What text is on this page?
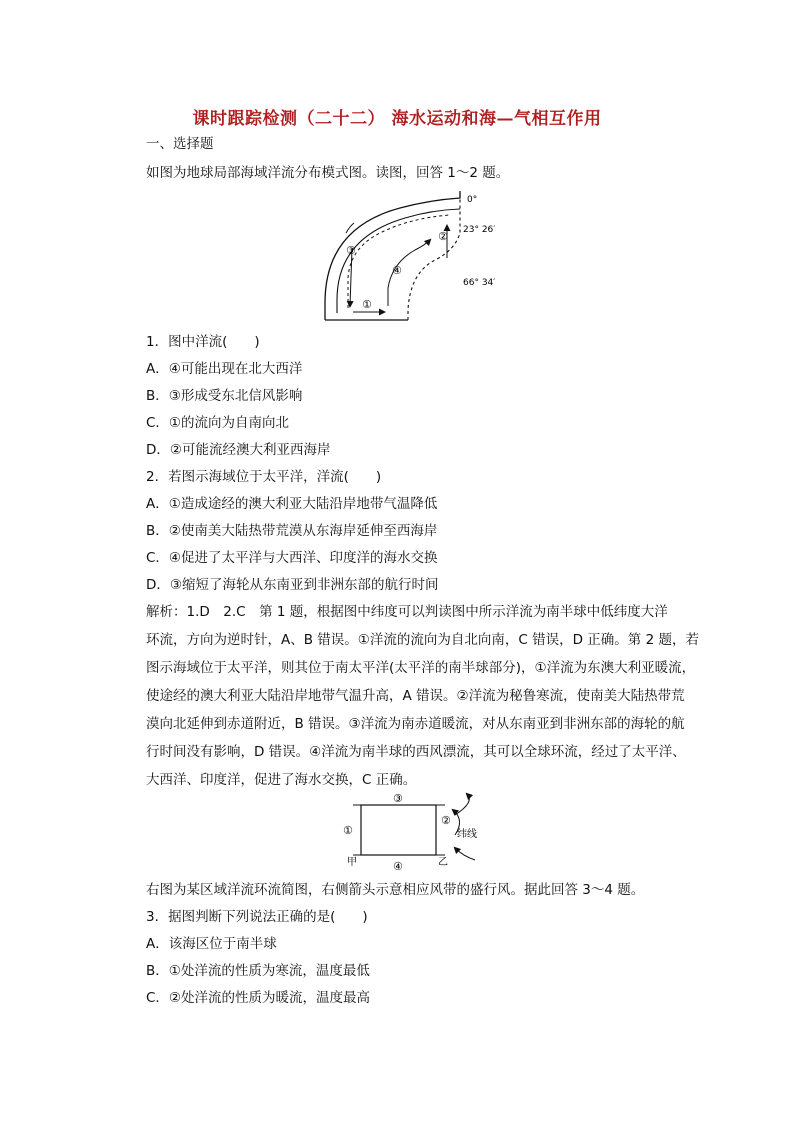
课时跟踪检测（二十二） 海水运动和海—气相互作用
一、选择题
如图为地球局部海域洋流分布模式图。读图，回答 1～2 题。
③
②
④
①
0°
23° 26′
66° 34′
1．图中洋流(　　)
A．④可能出现在北大西洋
B．③形成受东北信风影响
C．①的流向为自南向北
D．②可能流经澳大利亚西海岸
2．若图示海域位于太平洋，洋流(　　)
A．①造成途经的澳大利亚大陆沿岸地带气温降低
B．②使南美大陆热带荒漠从东海岸延伸至西海岸
C．④促进了太平洋与大西洋、印度洋的海水交换
D．③缩短了海轮从东南亚到非洲东部的航行时间
解析：1.D　2.C　第 1 题，根据图中纬度可以判读图中所示洋流为南半球中低纬度大洋
环流，方向为逆时针，A、B 错误。①洋流的流向为自北向南，C 错误，D 正确。第 2 题，若
图示海域位于太平洋，则其位于南太平洋(太平洋的南半球部分)，①洋流为东澳大利亚暖流，
使途经的澳大利亚大陆沿岸地带气温升高，A 错误。②洋流为秘鲁寒流，使南美大陆热带荒
漠向北延伸到赤道附近，B 错误。③洋流为南赤道暖流，对从东南亚到非洲东部的海轮的航
行时间没有影响，D 错误。④洋流为南半球的西风漂流，其可以全球环流，经过了太平洋、
大西洋、印度洋，促进了海水交换，C 正确。
③
①
②
④
甲	乙
纬线
右图为某区域洋流环流简图，右侧箭头示意相应风带的盛行风。据此回答 3～4 题。
3．据图判断下列说法正确的是(　　)
A．该海区位于南半球
B．①处洋流的性质为寒流，温度最低
C．②处洋流的性质为暖流，温度最高
